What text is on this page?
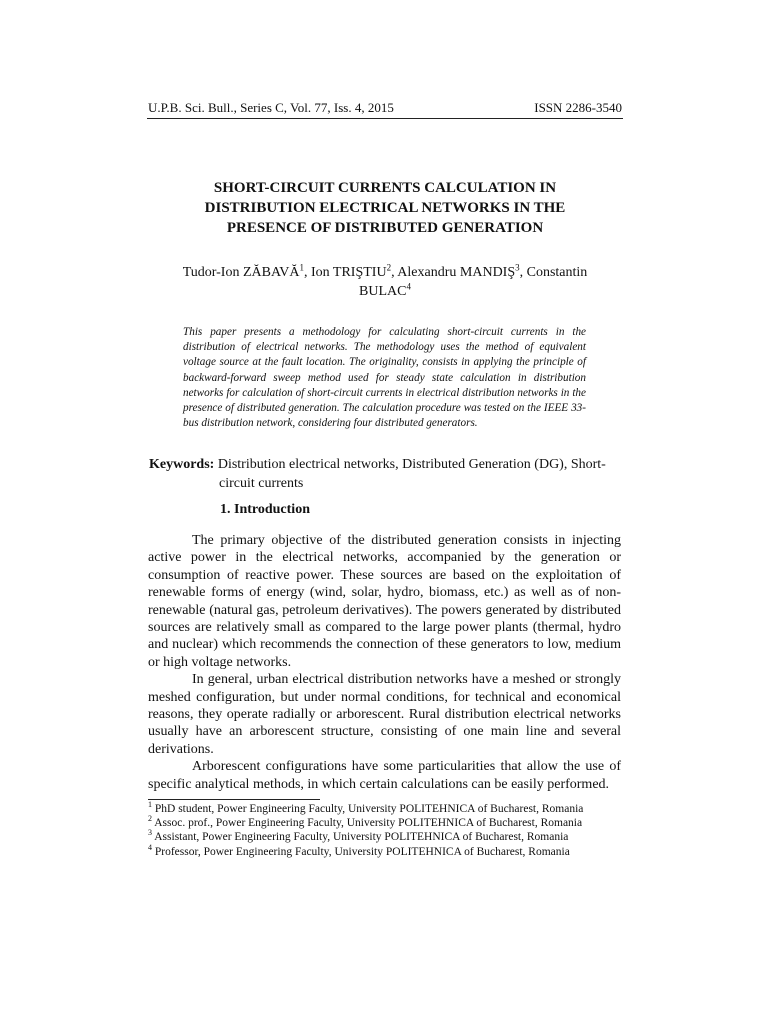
U.P.B. Sci. Bull., Series C, Vol. 77, Iss. 4, 2015	ISSN 2286-3540
SHORT-CIRCUIT CURRENTS CALCULATION IN
DISTRIBUTION ELECTRICAL NETWORKS IN THE
PRESENCE OF DISTRIBUTED GENERATION
Tudor-Ion ZĂBAVĂ$^1$, Ion TRIŞTIU$^2$, Alexandru MANDIŞ$^3$, Constantin
BULAC$^4$
This paper presents a methodology for calculating short-circuit currents in the distribution of electrical networks. The methodology uses the method of equivalent voltage source at the fault location. The originality, consists in applying the principle of backward-forward sweep method used for steady state calculation in distribution networks for calculation of short-circuit currents in electrical distribution networks in the presence of distributed generation. The calculation procedure was tested on the IEEE 33-bus distribution network, considering four distributed generators.
Keywords: Distribution electrical networks, Distributed Generation (DG), Short-
circuit currents
1. Introduction

The primary objective of the distributed generation consists in injecting active power in the electrical networks, accompanied by the generation or consumption of reactive power. These sources are based on the exploitation of renewable forms of energy (wind, solar, hydro, biomass, etc.) as well as of non-renewable (natural gas, petroleum derivatives). The powers generated by distributed sources are relatively small as compared to the large power plants (thermal, hydro and nuclear) which recommends the connection of these generators to low, medium or high voltage networks.

In general, urban electrical distribution networks have a meshed or strongly meshed configuration, but under normal conditions, for technical and economical reasons, they operate radially or arborescent. Rural distribution electrical networks usually have an arborescent structure, consisting of one main line and several derivations.

Arborescent configurations have some particularities that allow the use of specific analytical methods, in which certain calculations can be easily performed.

$^1$ PhD student, Power Engineering Faculty, University POLITEHNICA of Bucharest, Romania
$^2$ Assoc. prof., Power Engineering Faculty, University POLITEHNICA of Bucharest, Romania
$^3$ Assistant, Power Engineering Faculty, University POLITEHNICA of Bucharest, Romania
$^4$ Professor, Power Engineering Faculty, University POLITEHNICA of Bucharest, Romania
